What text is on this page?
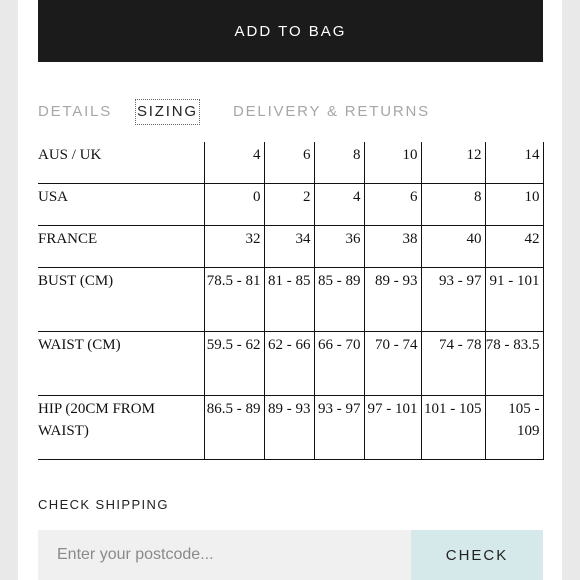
ADD TO BAG
DETAILS SIZING DELIVERY & RETURNS
AUS / UK	4	6	8	10	12	14
USA	0	2	4	6	8	10
FRANCE	32	34	36	38	40	42
BUST (CM)	78.5 - 81	81 - 85	85 - 89	89 - 93	93 - 97	91 - 101
WAIST (CM)	59.5 - 62	62 - 66	66 - 70	70 - 74	74 - 78	78 - 83.5
HIP (20CM FROM WAIST)	86.5 - 89	89 - 93	93 - 97	97 - 101	101 - 105	105 - 109
CHECK SHIPPING
Enter your postcode...
CHECK
